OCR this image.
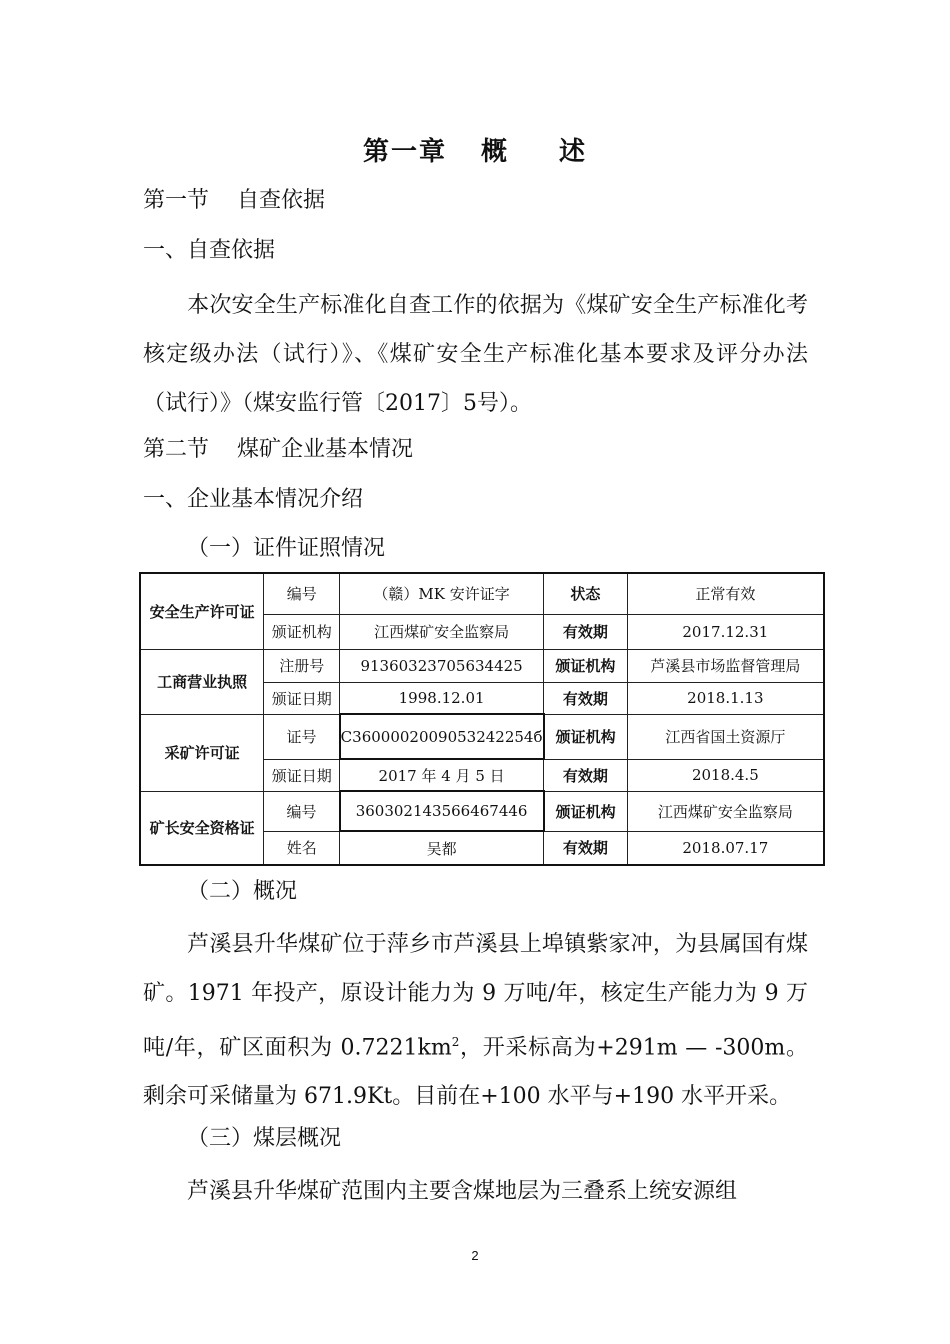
第一章 概 述
第一节 自查依据
一、自查依据
本次安全生产标准化自查工作的依据为《煤矿安全生产标准化考核定级办法（试行）》、《煤矿安全生产标准化基本要求及评分办法（试行）》（煤安监行管〔2017〕5号）。
第二节 煤矿企业基本情况
一、企业基本情况介绍
（一）证件证照情况
安全生产许可证	编号	（赣）MK 安许证字	状态	正常有效
	颁证机构	江西煤矿安全监察局	有效期	2017.12.31
工商营业执照	注册号	91360323705634425	颁证机构	芦溪县市场监督管理局
	颁证日期	1998.12.01	有效期	2018.1.13
采矿许可证	证号	C3600002009053242254б	颁证机构	江西省国土资源厅
	颁证日期	2017 年 4 月 5 日	有效期	2018.4.5
矿长安全资格证	编号	360302143566467446	颁证机构	江西煤矿安全监察局
	姓名	吴都	有效期	2018.07.17
（二）概况
芦溪县升华煤矿位于萍乡市芦溪县上埠镇紫家冲，为县属国有煤矿。1971 年投产，原设计能力为 9 万吨/年，核定生产能力为 9 万吨/年，矿区面积为 $0.7221km^2$，开采标高为+291m — -300m。剩余可采储量为 671.9Kt。目前在+100 水平与+190 水平开采。
（三）煤层概况
芦溪县升华煤矿范围内主要含煤地层为三叠系上统安源组
2
